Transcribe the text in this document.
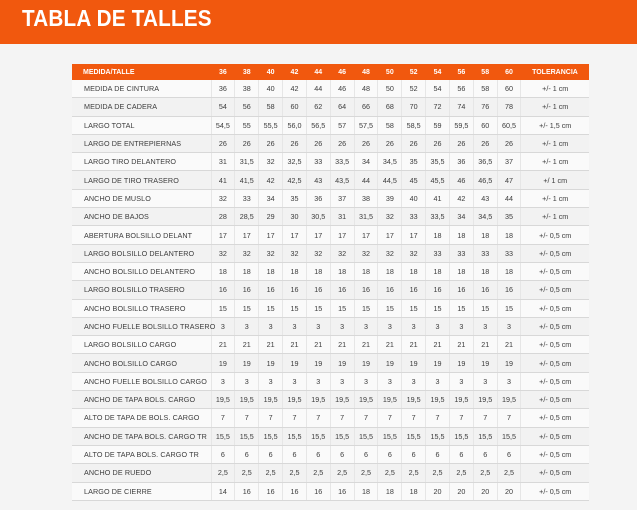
TABLA DE TALLES
MEDIDA/TALLE	36	38	40	42	44	46	48	50	52	54	56	58	60	TOLERANCIA
MEDIDA DE CINTURA	36	38	40	42	44	46	48	50	52	54	56	58	60	+/- 1 cm
MEDIDA DE CADERA	54	56	58	60	62	64	66	68	70	72	74	76	78	+/- 1 cm
LARGO TOTAL	54,5	55	55,5	56,0	56,5	57	57,5	58	58,5	59	59,5	60	60,5	+/- 1,5 cm
LARGO DE ENTREPIERNAS	26	26	26	26	26	26	26	26	26	26	26	26	26	+/- 1 cm
LARGO TIRO DELANTERO	31	31,5	32	32,5	33	33,5	34	34,5	35	35,5	36	36,5	37	+/- 1 cm
LARGO DE TIRO TRASERO	41	41,5	42	42,5	43	43,5	44	44,5	45	45,5	46	46,5	47	+/ 1 cm
ANCHO DE MUSLO	32	33	34	35	36	37	38	39	40	41	42	43	44	+/- 1 cm
ANCHO DE BAJOS	28	28,5	29	30	30,5	31	31,5	32	33	33,5	34	34,5	35	+/- 1 cm
ABERTURA BOLSILLO DELANT	17	17	17	17	17	17	17	17	17	18	18	18	18	+/- 0,5 cm
LARGO BOLSILLO DELANTERO	32	32	32	32	32	32	32	32	32	33	33	33	33	+/- 0,5 cm
ANCHO BOLSILLO DELANTERO	18	18	18	18	18	18	18	18	18	18	18	18	18	+/- 0,5 cm
LARGO BOLSILLO TRASERO	16	16	16	16	16	16	16	16	16	16	16	16	16	+/- 0,5 cm
ANCHO BOLSILLO TRASERO	15	15	15	15	15	15	15	15	15	15	15	15	15	+/- 0,5 cm
ANCHO FUELLE BOLSILLO TRASERO	3	3	3	3	3	3	3	3	3	3	3	3	3	+/- 0,5 cm
LARGO BOLSILLO CARGO	21	21	21	21	21	21	21	21	21	21	21	21	21	+/- 0,5 cm
ANCHO BOLSILLO CARGO	19	19	19	19	19	19	19	19	19	19	19	19	19	+/- 0,5 cm
ANCHO FUELLE BOLSILLO CARGO	3	3	3	3	3	3	3	3	3	3	3	3	3	+/- 0,5 cm
ANCHO DE TAPA BOLS. CARGO	19,5	19,5	19,5	19,5	19,5	19,5	19,5	19,5	19,5	19,5	19,5	19,5	19,5	+/- 0,5 cm
ALTO DE TAPA DE BOLS. CARGO	7	7	7	7	7	7	7	7	7	7	7	7	7	+/- 0,5 cm
ANCHO DE TAPA BOLS. CARGO TR	15,5	15,5	15,5	15,5	15,5	15,5	15,5	15,5	15,5	15,5	15,5	15,5	15,5	+/- 0,5 cm
ALTO DE TAPA BOLS. CARGO TR	6	6	6	6	6	6	6	6	6	6	6	6	6	+/- 0,5 cm
ANCHO DE RUEDO	2,5	2,5	2,5	2,5	2,5	2,5	2,5	2,5	2,5	2,5	2,5	2,5	2,5	+/- 0,5 cm
LARGO DE CIERRE	14	16	16	16	16	16	18	18	18	20	20	20	20	+/- 0,5 cm
